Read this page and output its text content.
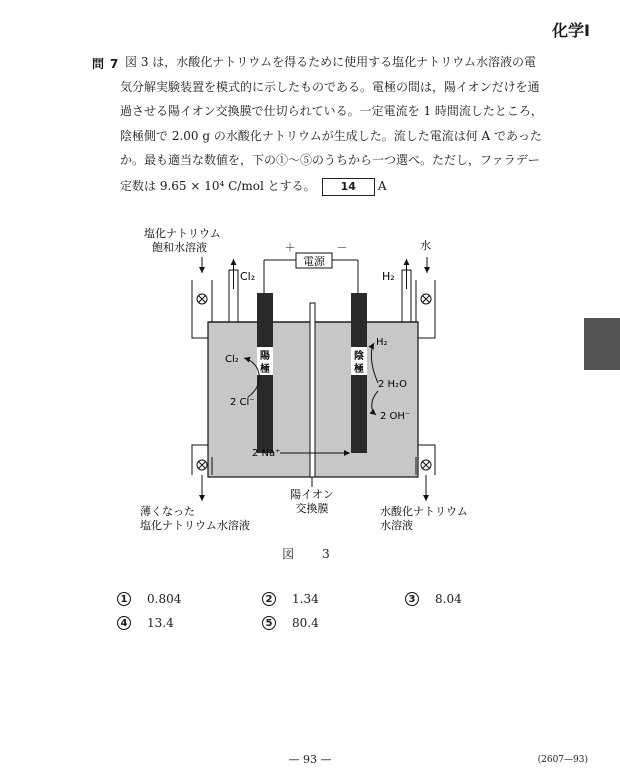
化学Ⅰ
問 7 図 3 は，水酸化ナトリウムを得るために使用する塩化ナトリウム水溶液の電
気分解実験装置を模式的に示したものである。電極の間は，陽イオンだけを通
過させる陽イオン交換膜で仕切られている。一定電流を 1 時間流したところ，
陰極側で 2.00 g の水酸化ナトリウムが生成した。流した電流は何 A であった
か。最も適当な数値を，下の①～⑤のうちから一つ選べ。ただし，ファラデー
定数は 9.65 × 10⁴ C/mol とする。 14 A
塩化ナトリウム
飽和水溶液	水
電源
＋	－
Cl₂	H₂
陽
極
陰
極
Cl₂
2 Cl⁻
H₂
2 H₂O
2 OH⁻
2 Na⁺
陽イオン
交換膜
薄くなった
塩化ナトリウム水溶液
水酸化ナトリウム
水溶液
図　3
1 0.804	2 1.34	3 8.04
4 13.4	5 80.4
— 93 —	(2607—93)
